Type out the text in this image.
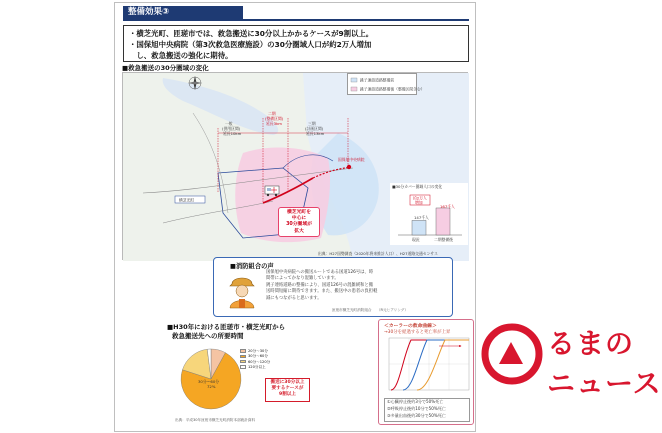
整備効果③
・横芝光町、匝瑳市では、救急搬送に30分以上かかるケースが9割以上。
・国保旭中央病院（第3次救急医療施設）の30分圏域人口が約2万人増加
　し、救急搬送の強化に期待。
■救急搬送の30分圏域の変化
一般
(供用区間)
延長10km
二期
(整備区間)
延長3km	三期
(計画区間)
延長13km
国保旭中央病院
横芝光町
出典：H27国勢調査（2020年将来推計人口）、H27道路交通センサス
銚子連絡道路整備前
銚子連絡道路整備後（整備区間含む）
横芝光町を
中心に
30分圏域が
拡大
■30分カバー圏域人口の変化
147千人
167千人
約2万人
増加
現況	二期整備後
■消防組合の声
国保旭中央病院への搬送ルートである国道126号は、時
間帯によってかなり混雑しています。
銚子連絡道路の整備により、国道126号の混雑緩和と搬
送時間短縮に期待できます。また、搬送中の患者の負担軽
減にもつながると思います。
匝瑳市横芝光町消防組合　　（R元ヒアリング）
■H30年における匝瑳市・横芝光町から
救急搬送先への所要時間
30分～60分
72%
20分～30分
30分～60分
60分～120分
120分以上
搬送に30分以上
要するケースが
9割以上
出典：平成30年匝瑳市横芝光町消防本部統計資料
＜カーラーの救命曲線＞
→30分を経過すると死亡率が上昇
①心臓停止後約3分で50%死亡
②呼吸停止後約10分で50%死亡
③多量出血後約30分で50%死亡
るまの
ニュース
